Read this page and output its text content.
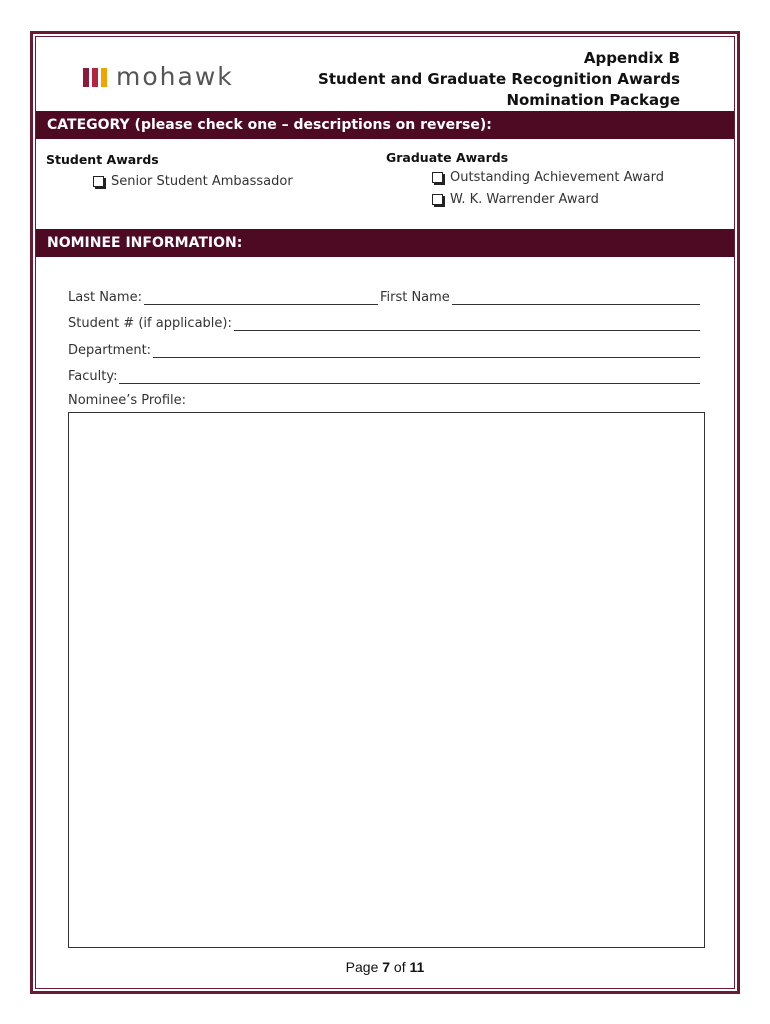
mohawk
Appendix B
Student and Graduate Recognition Awards
Nomination Package
CATEGORY (please check one – descriptions on reverse):
Student Awards
Senior Student Ambassador
Graduate Awards
Outstanding Achievement Award
W. K. Warrender Award
NOMINEE INFORMATION:
Last Name:	First Name
Student # (if applicable):
Department:
Faculty:
Nominee’s Profile:
Page 7 of 11
